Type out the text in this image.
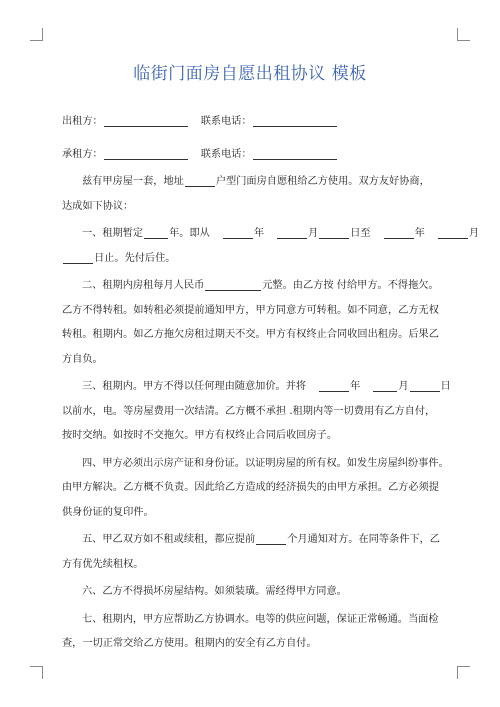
临街门面房自愿出租协议 模板
出租方：	联系电话：
承租方：	联系电话：
兹有甲房屋一套，地址	户型门面房自愿租给乙方使用。双方友好协商，
达成如下协议：
一、租期暂定	年。即从	年	月	日至	年	月
日止。先付后住。
二、租期内房租每月人民币	元整。由乙方按 付给甲方。不得拖欠。
乙方不得转租。如转租必须提前通知甲方，甲方同意方可转租。如不同意，乙方无权
转租。租期内。如乙方拖欠房租过期天不交。甲方有权终止合同收回出租房。后果乙
方自负。
三、租期内。甲方不得以任何理由随意加价。并将	年	月	日
以前水，电。等房屋费用一次结清。乙方概不承担 .租期内等一切费用有乙方自付，
按时交纳。如按时不交拖欠。甲方有权终止合同后收回房子。
四、甲方必须出示房产证和身份证。以证明房屋的所有权。如发生房屋纠纷事件。
由甲方解决。乙方概不负责。因此给乙方造成的经济损失的由甲方承担。乙方必须提
供身份证的复印件。
五、甲乙双方如不租或续租，都应提前	个月通知对方。在同等条件下，乙
方有优先续租权。
六、乙方不得损坏房屋结构。如须装璜。需经得甲方同意。
七、租期内，甲方应帮助乙方协调水。电等的供应问题，保证正常畅通。当面检
查，一切正常交给乙方使用。租期内的安全有乙方自付。
